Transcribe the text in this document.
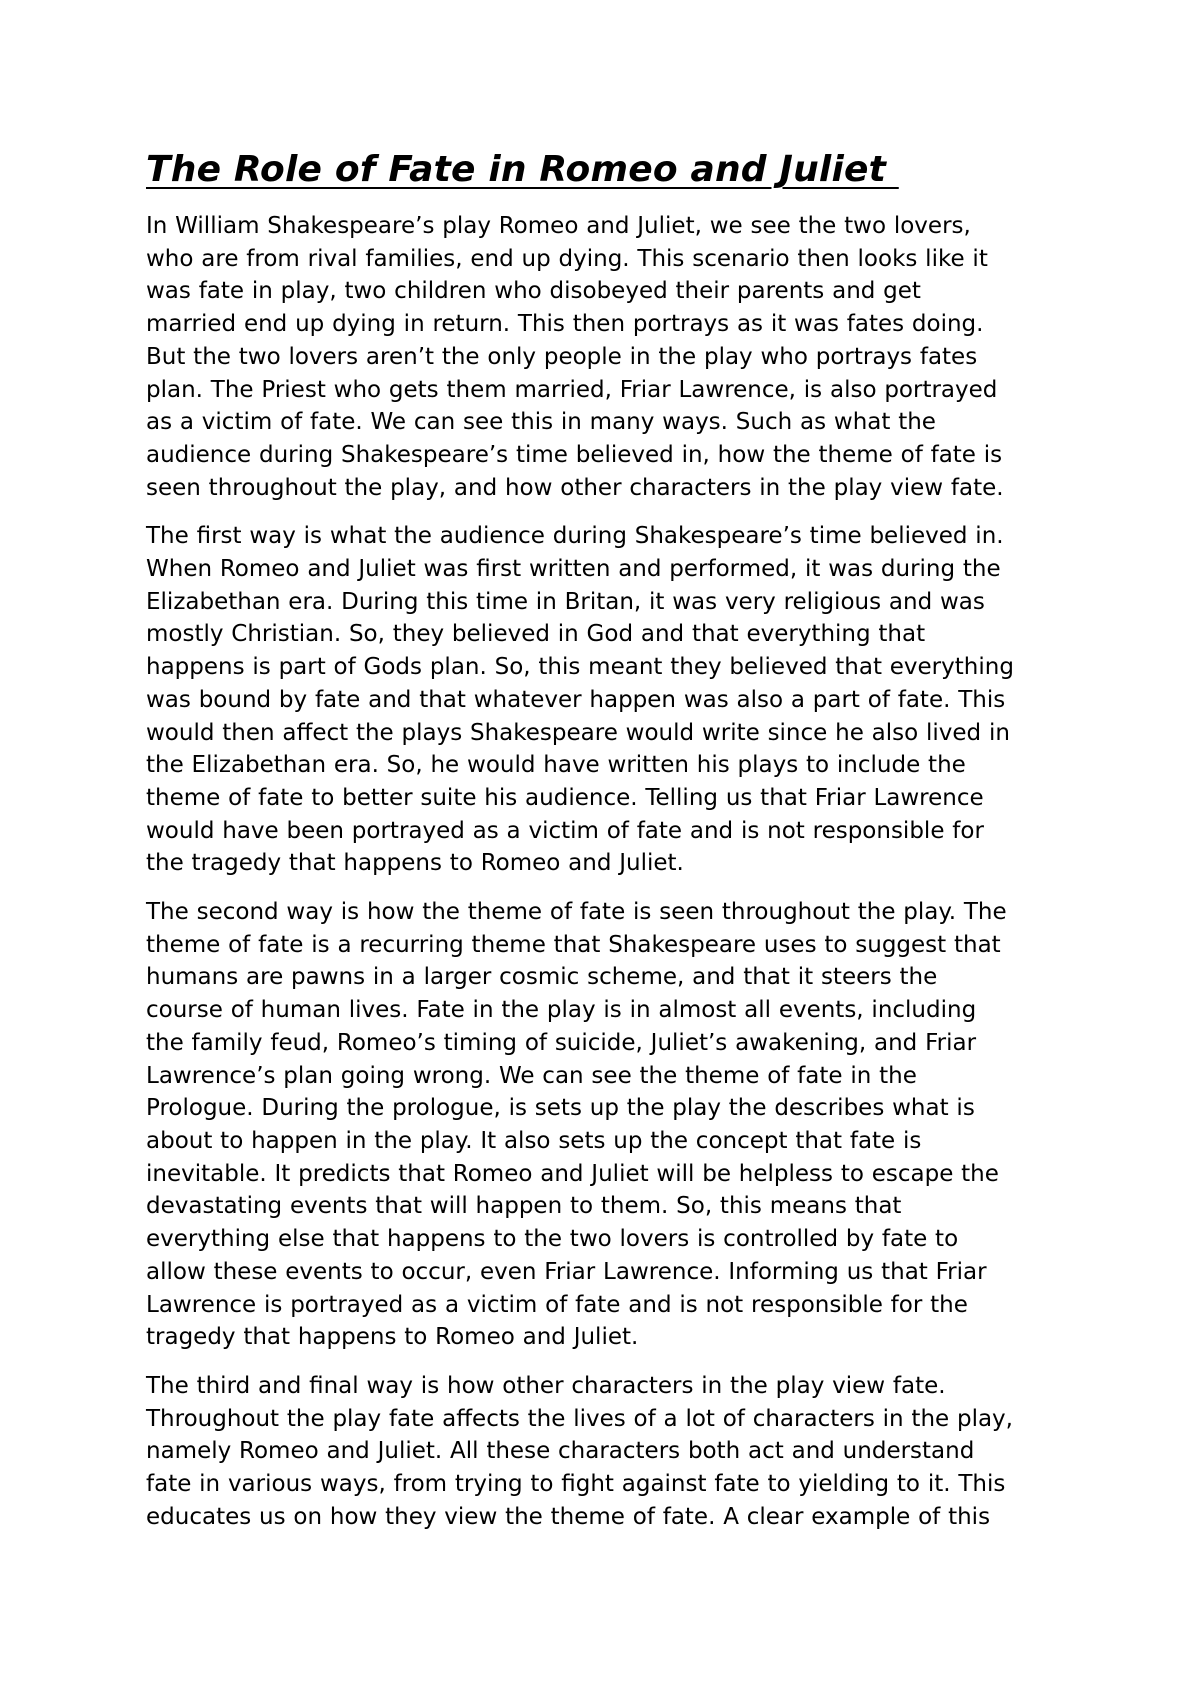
The Role of Fate in Romeo and Juliet

In William Shakespeare’s play Romeo and Juliet, we see the two lovers,
who are from rival families, end up dying. This scenario then looks like it
was fate in play, two children who disobeyed their parents and get
married end up dying in return. This then portrays as it was fates doing.
But the two lovers aren’t the only people in the play who portrays fates
plan. The Priest who gets them married, Friar Lawrence, is also portrayed
as a victim of fate. We can see this in many ways. Such as what the
audience during Shakespeare’s time believed in, how the theme of fate is
seen throughout the play, and how other characters in the play view fate.

The first way is what the audience during Shakespeare’s time believed in.
When Romeo and Juliet was first written and performed, it was during the
Elizabethan era. During this time in Britan, it was very religious and was
mostly Christian. So, they believed in God and that everything that
happens is part of Gods plan. So, this meant they believed that everything
was bound by fate and that whatever happen was also a part of fate. This
would then affect the plays Shakespeare would write since he also lived in
the Elizabethan era. So, he would have written his plays to include the
theme of fate to better suite his audience. Telling us that Friar Lawrence
would have been portrayed as a victim of fate and is not responsible for
the tragedy that happens to Romeo and Juliet.

The second way is how the theme of fate is seen throughout the play. The
theme of fate is a recurring theme that Shakespeare uses to suggest that
humans are pawns in a larger cosmic scheme, and that it steers the
course of human lives. Fate in the play is in almost all events, including
the family feud, Romeo’s timing of suicide, Juliet’s awakening, and Friar
Lawrence’s plan going wrong. We can see the theme of fate in the
Prologue. During the prologue, is sets up the play the describes what is
about to happen in the play. It also sets up the concept that fate is
inevitable. It predicts that Romeo and Juliet will be helpless to escape the
devastating events that will happen to them. So, this means that
everything else that happens to the two lovers is controlled by fate to
allow these events to occur, even Friar Lawrence. Informing us that Friar
Lawrence is portrayed as a victim of fate and is not responsible for the
tragedy that happens to Romeo and Juliet.

The third and final way is how other characters in the play view fate.
Throughout the play fate affects the lives of a lot of characters in the play,
namely Romeo and Juliet. All these characters both act and understand
fate in various ways, from trying to fight against fate to yielding to it. This
educates us on how they view the theme of fate. A clear example of this
